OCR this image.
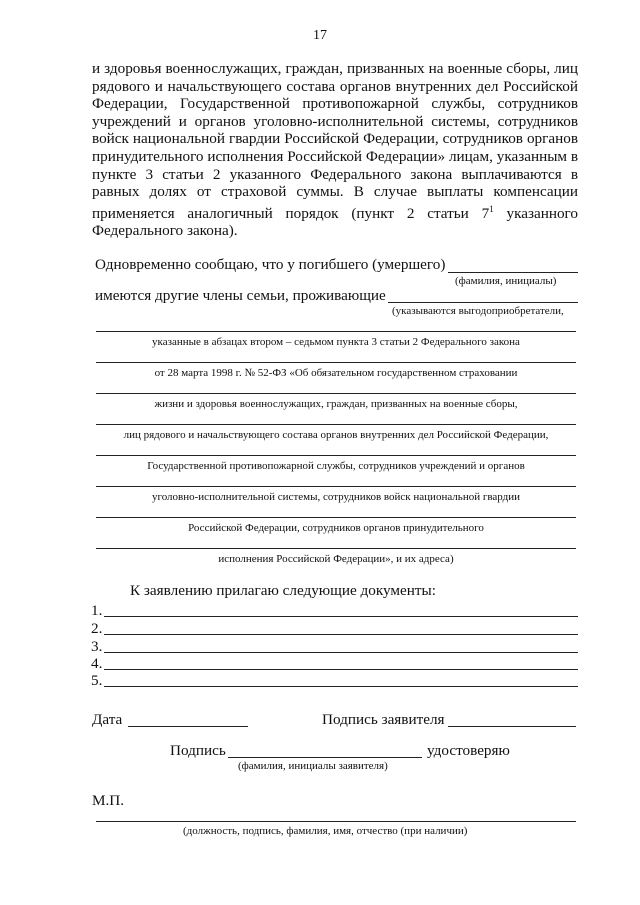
17
и здоровья военнослужащих, граждан, призванных на военные сборы, лиц рядового и начальствующего состава органов внутренних дел Российской Федерации, Государственной противопожарной службы, сотрудников учреждений и органов уголовно-исполнительной системы, сотрудников войск национальной гвардии Российской Федерации, сотрудников органов принудительного исполнения Российской Федерации» лицам, указанным в пункте 3 статьи 2 указанного Федерального закона выплачиваются в равных долях от страховой суммы. В случае выплаты компенсации применяется аналогичный порядок (пункт 2 статьи $7^1$ указанного Федерального закона).
Одновременно сообщаю, что у погибшего (умершего)
(фамилия, инициалы)
имеются другие члены семьи, проживающие
(указываются выгодоприобретатели,
указанные в абзацах втором – седьмом пункта 3 статьи 2 Федерального закона
от 28 марта 1998 г. № 52-ФЗ «Об обязательном государственном страховании
жизни и здоровья военнослужащих, граждан, призванных на военные сборы,
лиц рядового и начальствующего состава органов внутренних дел Российской Федерации,
Государственной противопожарной службы, сотрудников учреждений и органов
уголовно-исполнительной системы, сотрудников войск национальной гвардии
Российской Федерации, сотрудников органов принудительного
исполнения Российской Федерации», и их адреса)
К заявлению прилагаю следующие документы:
1.
2.
3.
4.
5.
Дата	Подпись заявителя
Подпись	удостоверяю
(фамилия, инициалы заявителя)
М.П.
(должность, подпись, фамилия, имя, отчество (при наличии)
